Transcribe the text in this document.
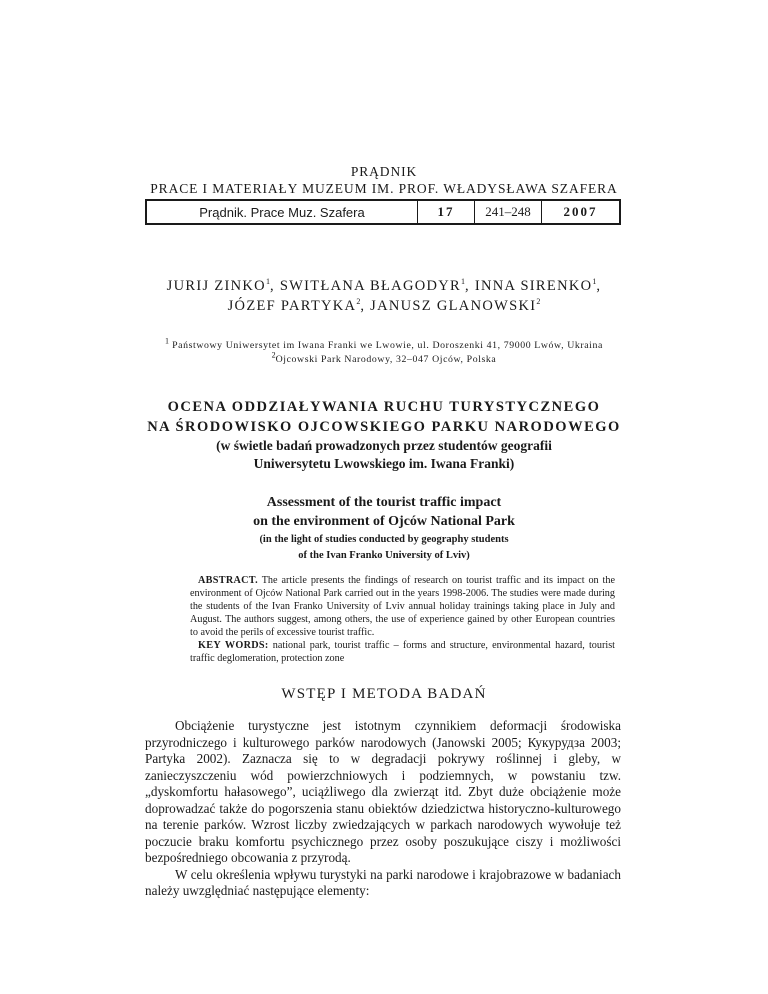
PRĄDNIK
PRACE I MATERIAŁY MUZEUM IM. PROF. WŁADYSŁAWA SZAFERA
Prądnik. Prace Muz. Szafera	17	241–248	2007
JURIJ ZINKO$^1$, SWITŁANA BŁAGODYR$^1$, INNA SIRENKO$^1$,
JÓZEF PARTYKA$^2$, JANUSZ GLANOWSKI$^2$
$^1$ Państwowy Uniwersytet im Iwana Franki we Lwowie, ul. Doroszenki 41, 79000 Lwów, Ukraina
$^2$Ojcowski Park Narodowy, 32–047 Ojców, Polska
OCENA ODDZIAŁYWANIA RUCHU TURYSTYCZNEGO
NA ŚRODOWISKO OJCOWSKIEGO PARKU NARODOWEGO
(w świetle badań prowadzonych przez studentów geografii
Uniwersytetu Lwowskiego im. Iwana Franki)
Assessment of the tourist traffic impact
on the environment of Ojców National Park
(in the light of studies conducted by geography students
of the Ivan Franko University of Lviv)

ABSTRACT. The article presents the findings of research on tourist traffic and its impact on the environment of Ojców National Park carried out in the years 1998-2006. The studies were made during the students of the Ivan Franko University of Lviv annual holiday trainings taking place in July and August. The authors suggest, among others, the use of experience gained by other European countries to avoid the perils of excessive tourist traffic.

KEY WORDS: national park, tourist traffic – forms and structure, environmental hazard, tourist traffic deglomeration, protection zone

WSTĘP I METODA BADAŃ

Obciążenie turystyczne jest istotnym czynnikiem deformacji środowiska przyrodniczego i kulturowego parków narodowych (Janowski 2005; Кукурудза 2003; Partyka 2002). Zaznacza się to w degradacji pokrywy roślinnej i gleby, w zanieczyszczeniu wód powierzchniowych i podziemnych, w powstaniu tzw. „dyskomfortu hałasowego”, uciążliwego dla zwierząt itd. Zbyt duże obciążenie może doprowadzać także do pogorszenia stanu obiektów dziedzictwa historyczno-kulturowego na terenie parków. Wzrost liczby zwiedzających w parkach narodowych wywołuje też poczucie braku komfortu psychicznego przez osoby poszukujące ciszy i możliwości bezpośredniego obcowania z przyrodą.

W celu określenia wpływu turystyki na parki narodowe i krajobrazowe w badaniach należy uwzględniać następujące elementy:
